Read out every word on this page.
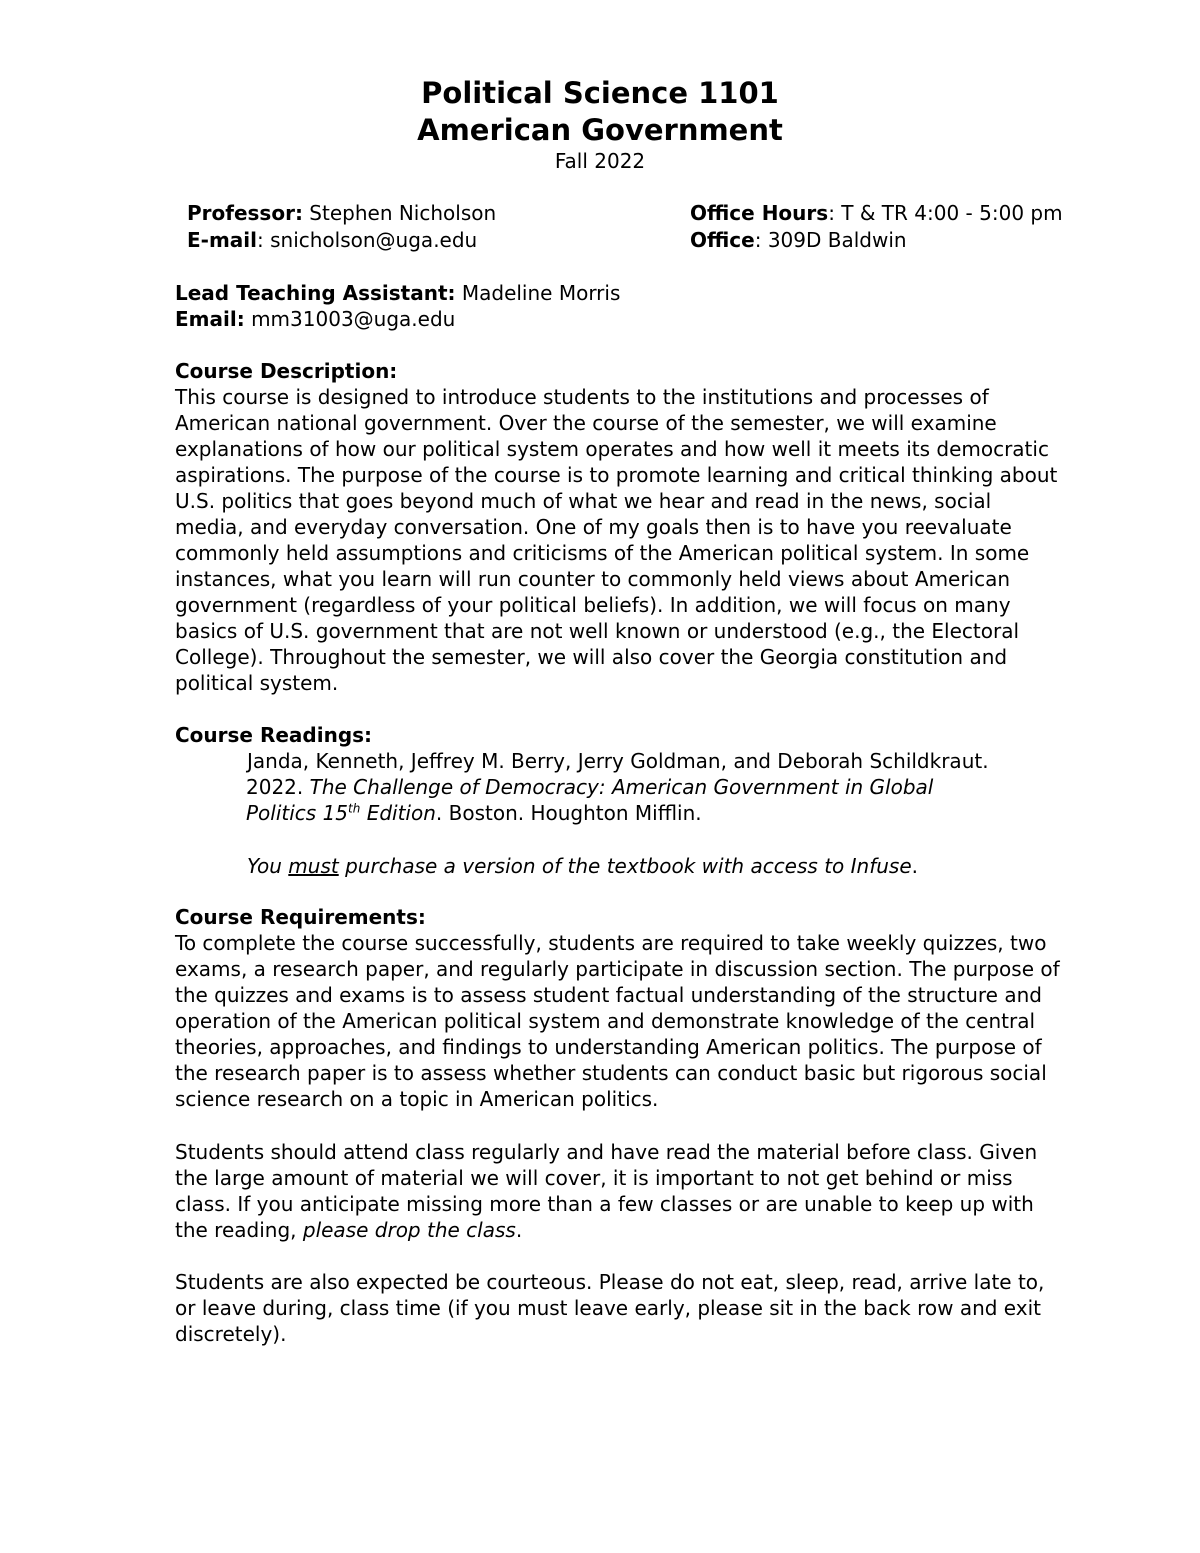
Political Science 1101
American Government
Fall 2022
Professor: Stephen Nicholson
E-mail: snicholson@uga.edu
Office Hours: T & TR 4:00 - 5:00 pm
Office: 309D Baldwin
Lead Teaching Assistant: Madeline Morris
Email: mm31003@uga.edu
Course Description:
This course is designed to introduce students to the institutions and processes of
American national government. Over the course of the semester, we will examine
explanations of how our political system operates and how well it meets its democratic
aspirations. The purpose of the course is to promote learning and critical thinking about
U.S. politics that goes beyond much of what we hear and read in the news, social
media, and everyday conversation. One of my goals then is to have you reevaluate
commonly held assumptions and criticisms of the American political system. In some
instances, what you learn will run counter to commonly held views about American
government (regardless of your political beliefs). In addition, we will focus on many
basics of U.S. government that are not well known or understood (e.g., the Electoral
College). Throughout the semester, we will also cover the Georgia constitution and
political system.
Course Readings:
Janda, Kenneth, Jeffrey M. Berry, Jerry Goldman, and Deborah Schildkraut.
2022. The Challenge of Democracy: American Government in Global
Politics 15th Edition. Boston. Houghton Mifflin.
You must purchase a version of the textbook with access to Infuse.
Course Requirements:
To complete the course successfully, students are required to take weekly quizzes, two
exams, a research paper, and regularly participate in discussion section. The purpose of
the quizzes and exams is to assess student factual understanding of the structure and
operation of the American political system and demonstrate knowledge of the central
theories, approaches, and findings to understanding American politics. The purpose of
the research paper is to assess whether students can conduct basic but rigorous social
science research on a topic in American politics.
Students should attend class regularly and have read the material before class. Given
the large amount of material we will cover, it is important to not get behind or miss
class. If you anticipate missing more than a few classes or are unable to keep up with
the reading, please drop the class.
Students are also expected be courteous. Please do not eat, sleep, read, arrive late to,
or leave during, class time (if you must leave early, please sit in the back row and exit
discretely).
